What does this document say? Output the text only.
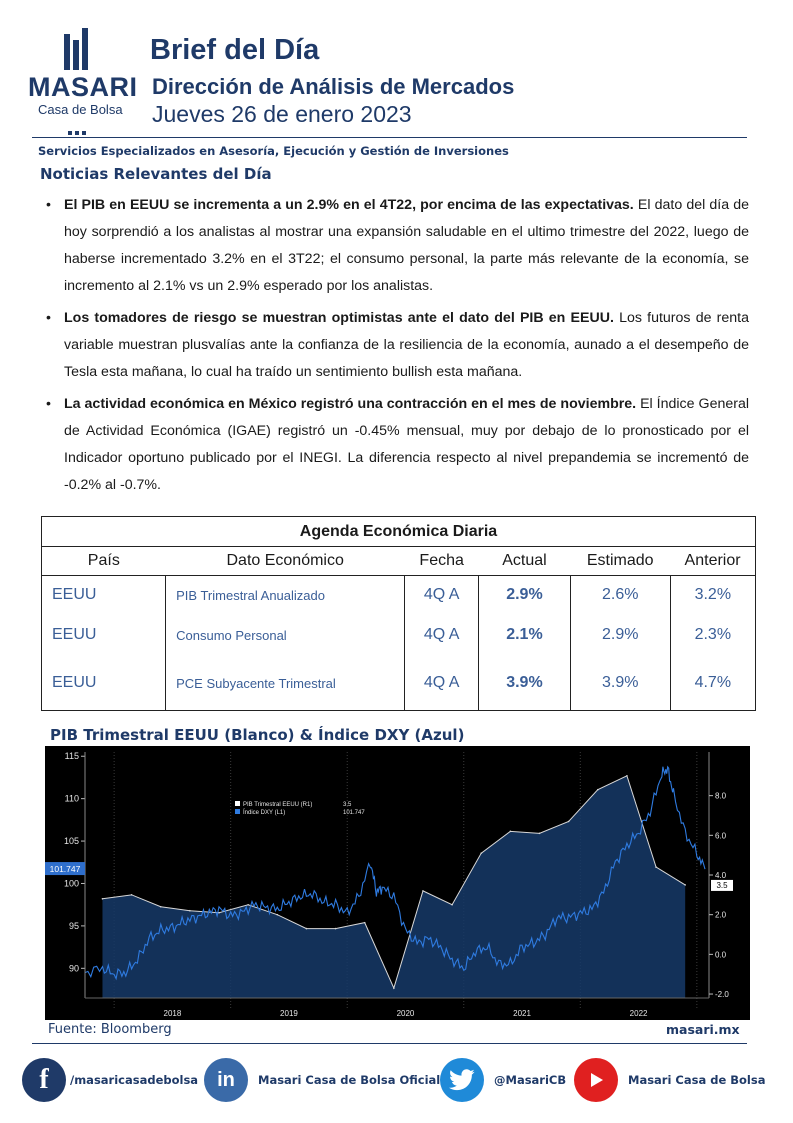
MASARI
Casa de Bolsa
Brief del Día
Dirección de Análisis de Mercados
Jueves 26 de enero 2023
Servicios Especializados en Asesoría, Ejecución y Gestión de Inversiones
Noticias Relevantes del Día
• El PIB en EEUU se incrementa a un 2.9% en el 4T22, por encima de las expectativas. El dato del día de hoy sorprendió a los analistas al mostrar una expansión saludable en el ultimo trimestre del 2022, luego de haberse incrementado 3.2% en el 3T22; el consumo personal, la parte más relevante de la economía, se incremento al 2.1% vs un 2.9% esperado por los analistas.
• Los tomadores de riesgo se muestran optimistas ante el dato del PIB en EEUU. Los futuros de renta variable muestran plusvalías ante la confianza de la resiliencia de la economía, aunado a el desempeño de Tesla esta mañana, lo cual ha traído un sentimiento bullish esta mañana.
• La actividad económica en México registró una contracción en el mes de noviembre. El Índice General de Actividad Económica (IGAE) registró un -0.45% mensual, muy por debajo de lo pronosticado por el Indicador oportuno publicado por el INEGI. La diferencia respecto al nivel prepandemia se incrementó de -0.2% al -0.7%.
Agenda Económica Diaria
País	Dato Económico	Fecha	Actual	Estimado	Anterior
EEUU	PIB Trimestral Anualizado	4Q A	2.9%	2.6%	3.2%
EEUU	Consumo Personal	4Q A	2.1%	2.9%	2.3%
EEUU	PCE Subyacente Trimestral	4Q A	3.9%	3.9%	4.7%
PIB Trimestral EEUU (Blanco) & Índice DXY (Azul)
90
95
100
105
110
115
-2.0
0.0
2.0
4.0
6.0
8.0
2018	2019	2020	2021	2022
PIB Trimestral EEUU (R1)	3.5
Índice DXY (L1)	101.747
101.747
3.5
Fuente: Bloomberg	masari.mx
f	/masaricasadebolsa in	Masari Casa de Bolsa Oficial	@MasariCB	Masari Casa de Bolsa
